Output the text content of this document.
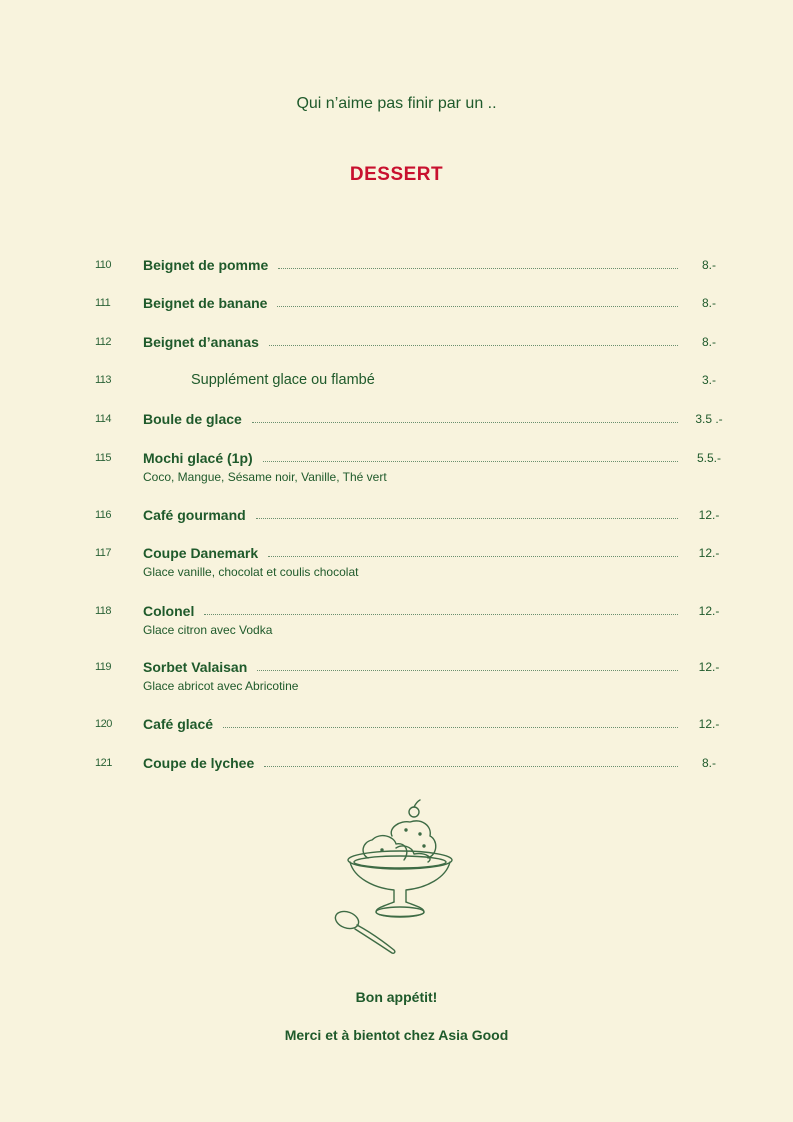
Qui n’aime pas finir par un ..
DESSERT
110 Beignet de pomme	8.-
111 Beignet de banane	8.-
112 Beignet d’ananas	8.-
113	Supplément glace ou flambé	3.-
114 Boule de glace	3.5 .-
115 Mochi glacé (1p)	5.5.-
Coco, Mangue, Sésame noir, Vanille, Thé vert
116 Café gourmand	12.-
117 Coupe Danemark	12.-
Glace vanille, chocolat et coulis chocolat
118 Colonel	12.-
Glace citron avec Vodka
119 Sorbet Valaisan	12.-
Glace abricot avec Abricotine
120 Café glacé	12.-
121 Coupe de lychee	8.-
Bon appétit!
Merci et à bientot chez Asia Good
